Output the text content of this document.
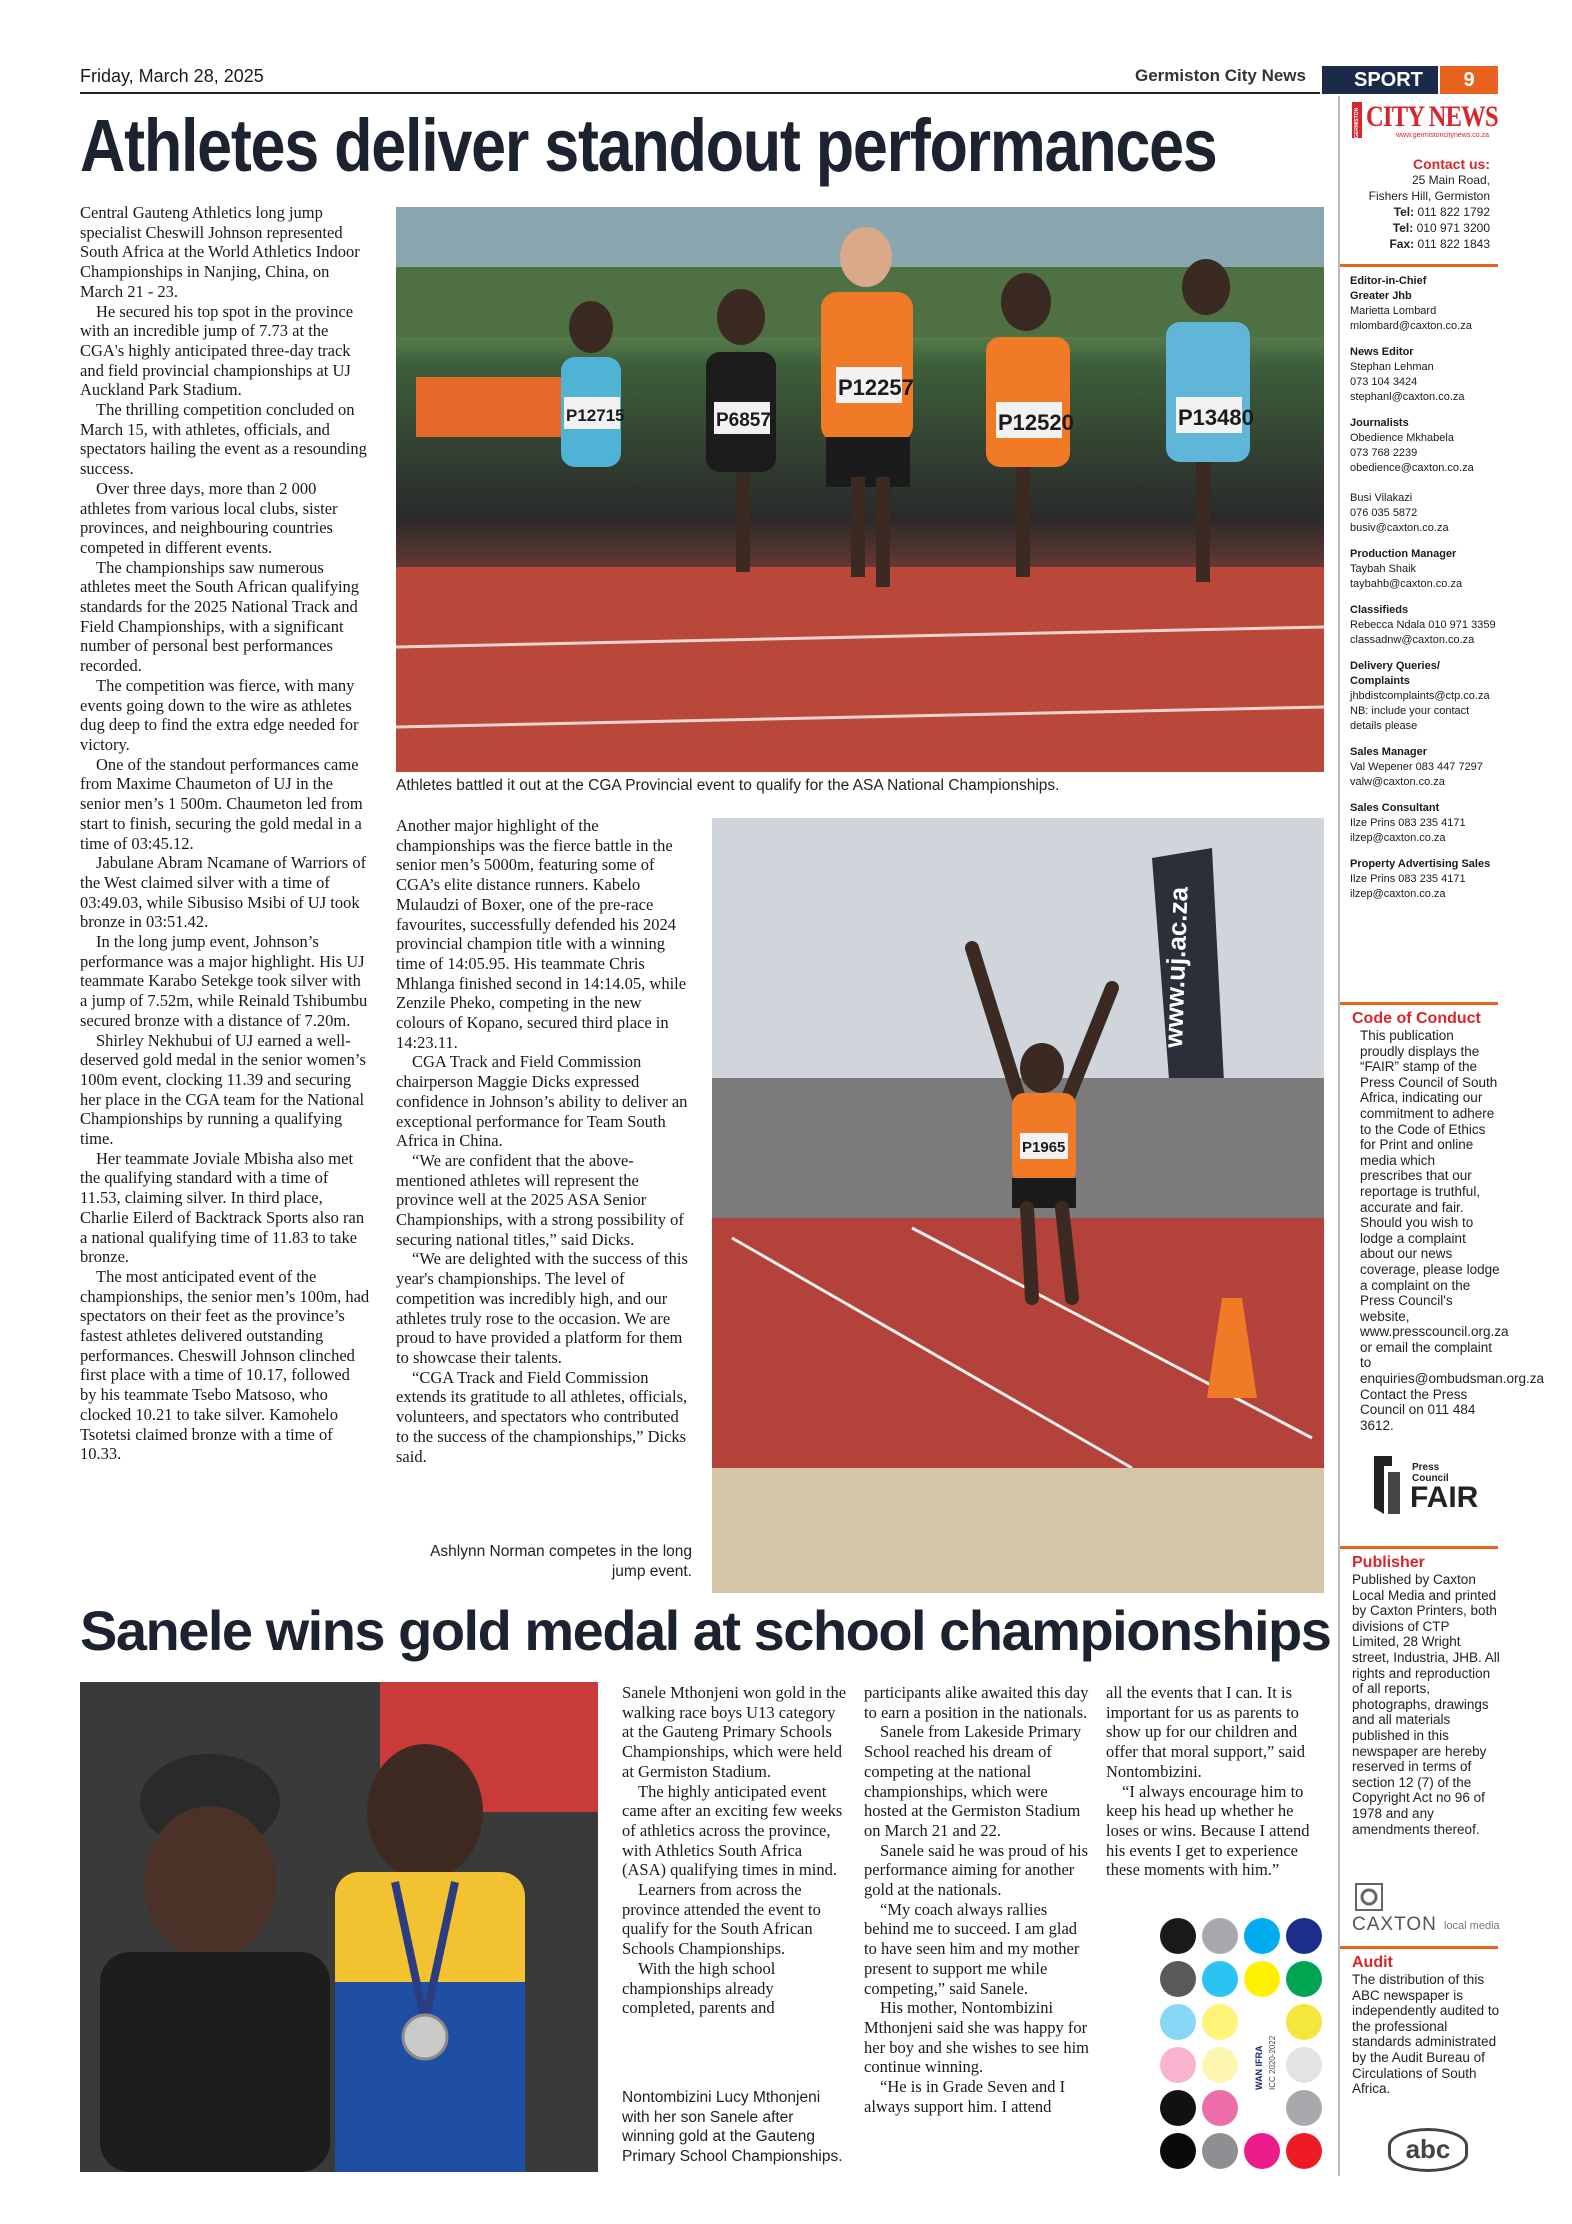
Friday, March 28, 2025	Germiston City News	SPORT	9
Athletes deliver standout performances

Central Gauteng Athletics long jump specialist Cheswill Johnson represented South Africa at the World Athletics Indoor Championships in Nanjing, China, on March 21 - 23.

He secured his top spot in the province with an incredible jump of 7.73 at the CGA's highly anticipated three-day track and field provincial championships at UJ Auckland Park Stadium.

The thrilling competition concluded on March 15, with athletes, officials, and spectators hailing the event as a resounding success.

Over three days, more than 2 000 athletes from various local clubs, sister provinces, and neighbouring countries competed in different events.

The championships saw numerous athletes meet the South African qualifying standards for the 2025 National Track and Field Championships, with a significant number of personal best performances recorded.

The competition was fierce, with many events going down to the wire as athletes dug deep to find the extra edge needed for victory.

One of the standout performances came from Maxime Chaumeton of UJ in the senior men’s 1 500m. Chaumeton led from start to finish, securing the gold medal in a time of 03:45.12.

Jabulane Abram Ncamane of Warriors of the West claimed silver with a time of 03:49.03, while Sibusiso Msibi of UJ took bronze in 03:51.42.

In the long jump event, Johnson’s performance was a major highlight. His UJ teammate Karabo Setekge took silver with a jump of 7.52m, while Reinald Tshibumbu secured bronze with a distance of 7.20m.

Shirley Nekhubui of UJ earned a well-deserved gold medal in the senior women’s 100m event, clocking 11.39 and securing her place in the CGA team for the National Championships by running a qualifying time.

Her teammate Joviale Mbisha also met the qualifying standard with a time of 11.53, claiming silver. In third place, Charlie Eilerd of Backtrack Sports also ran a national qualifying time of 11.83 to take bronze.

The most anticipated event of the championships, the senior men’s 100m, had spectators on their feet as the province’s fastest athletes delivered outstanding performances. Cheswill Johnson clinched first place with a time of 10.17, followed by his teammate Tsebo Matsoso, who clocked 10.21 to take silver. Kamohelo Tsotetsi claimed bronze with a time of 10.33.

P12257
P12520	P13480
P6857
P12715
Athletes battled it out at the CGA Provincial event to qualify for the ASA National Championships.

Another major highlight of the championships was the fierce battle in the senior men’s 5000m, featuring some of CGA’s elite distance runners. Kabelo Mulaudzi of Boxer, one of the pre-race favourites, successfully defended his 2024 provincial champion title with a winning time of 14:05.95. His teammate Chris Mhlanga finished second in 14:14.05, while Zenzile Pheko, competing in the new colours of Kopano, secured third place in 14:23.11.

CGA Track and Field Commission chairperson Maggie Dicks expressed confidence in Johnson’s ability to deliver an exceptional performance for Team South Africa in China.

“We are confident that the above-mentioned athletes will represent the province well at the 2025 ASA Senior Championships, with a strong possibility of securing national titles,” said Dicks.

“We are delighted with the success of this year's championships. The level of competition was incredibly high, and our athletes truly rose to the occasion. We are proud to have provided a platform for them to showcase their talents.

“CGA Track and Field Commission extends its gratitude to all athletes, officials, volunteers, and spectators who contributed to the success of the championships,” Dicks said.

www.uj.ac.za
P1965
Ashlynn Norman competes in the long jump event.
Sanele wins gold medal at school championships
Nontombizini Lucy Mthonjeni with her son Sanele after winning gold at the Gauteng Primary School Championships.

Sanele Mthonjeni won gold in the walking race boys U13 category at the Gauteng Primary Schools Championships, which were held at Germiston Stadium.

The highly anticipated event came after an exciting few weeks of athletics across the province, with Athletics South Africa (ASA) qualifying times in mind.

Learners from across the province attended the event to qualify for the South African Schools Championships.

With the high school championships already completed, parents and

participants alike awaited this day to earn a position in the nationals.

Sanele from Lakeside Primary School reached his dream of competing at the national championships, which were hosted at the Germiston Stadium on March 21 and 22.

Sanele said he was proud of his performance aiming for another gold at the nationals.

“My coach always rallies behind me to succeed. I am glad to have seen him and my mother present to support me while competing,” said Sanele.

His mother, Nontombizini Mthonjeni said she was happy for her boy and she wishes to see him continue winning.

“He is in Grade Seven and I always support him. I attend

all the events that I can. It is important for us as parents to show up for our children and offer that moral support,” said Nontombizini.

“I always encourage him to keep his head up whether he loses or wins. Because I attend his events I get to experience these moments with him.”

WAN IFRA ICC 2020-2022
GERMISTON CITY NEWS
www.germistoncitynews.co.za
Contact us:
25 Main Road,
Fishers Hill, Germiston
Tel: 011 822 1792
Tel: 010 971 3200
Fax: 011 822 1843
Editor-in-Chief
Greater Jhb
Marietta Lombard
mlombard@caxton.co.za
News Editor
Stephan Lehman
073 104 3424
stephanl@caxton.co.za
Journalists
Obedience Mkhabela
073 768 2239
obedience@caxton.co.za
Busi Vilakazi
076 035 5872
busiv@caxton.co.za
Production Manager
Taybah Shaik
taybahb@caxton.co.za
Classifieds
Rebecca Ndala 010 971 3359
classadnw@caxton.co.za
Delivery Queries/
Complaints
jhbdistcomplaints@ctp.co.za
NB: include your contact
details please
Sales Manager
Val Wepener 083 447 7297
valw@caxton.co.za
Sales Consultant
Ilze Prins 083 235 4171
ilzep@caxton.co.za
Property Advertising Sales
Ilze Prins 083 235 4171
ilzep@caxton.co.za
Code of Conduct
This publication proudly displays the “FAIR” stamp of the Press Council of South Africa, indicating our commitment to adhere to the Code of Ethics for Print and online media which prescribes that our reportage is truthful, accurate and fair. Should you wish to lodge a complaint about our news coverage, please lodge a complaint on the Press Council's website, www.presscouncil.org.za or email the complaint to enquiries@ombudsman.org.za Contact the Press Council on 011 484 3612.
Press
Council
FAIR
Publisher
Published by Caxton Local Media and printed by Caxton Printers, both divisions of CTP Limited, 28 Wright street, Industria, JHB. All rights and reproduction of all reports, photographs, drawings and all materials published in this newspaper are hereby reserved in terms of section 12 (7) of the Copyright Act no 96 of 1978 and any amendments thereof.
CAXTON local media
Audit
The distribution of this ABC newspaper is independently audited to the professional standards administrated by the Audit Bureau of Circulations of South Africa.
abc
